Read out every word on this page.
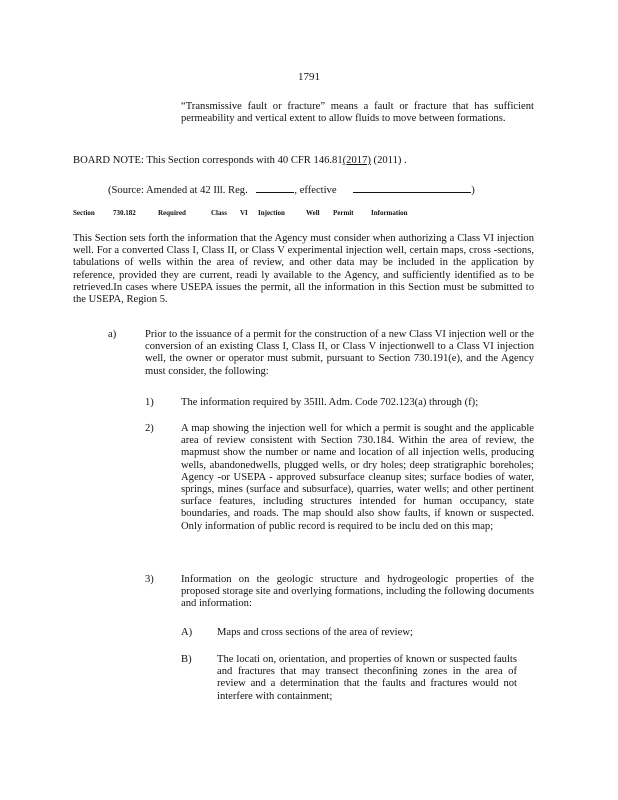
1791

“Transmissive fault or fracture” means a fault or fracture that has sufficient permeability and vertical extent to allow fluids to move between formations.

BOARD NOTE: This Section corresponds with 40 CFR 146.81(2017) (2011) .
(Source: Amended at 42 Ill. Reg.	, effective	)
Section	730.182	Required	Class VI Injection	Well Permit Information

This Section sets forth the information that the Agency must consider when authorizing a Class VI injection well. For a converted Class I, Class II, or Class V experimental injection well, certain maps, cross -sections, tabulations of wells within the area of review, and other data may be included in the application by reference, provided they are current, readi ly available to the Agency, and sufficiently identified as to be retrieved.In cases where USEPA issues the permit, all the information in this Section must be submitted to the USEPA, Region 5.

a)	Prior to the issuance of a permit for the construction of a new Class VI injection well or the conversion of an existing Class I, Class II, or Class V injectionwell to a Class VI injection well, the owner or operator must submit, pursuant to Section 730.191(e), and the Agency must consider, the following:

1)	The information required by 35Ill. Adm. Code 702.123(a) through (f);

2)	A map showing the injection well for which a permit is sought and the applicable area of review consistent with Section 730.184. Within the area of review, the mapmust show the number or name and location of all injection wells, producing wells, abandonedwells, plugged wells, or dry holes; deep stratigraphic boreholes; Agency -or USEPA - approved subsurface cleanup sites; surface bodies of water, springs, mines (surface and subsurface), quarries, water wells; and other pertinent surface features, including structures intended for human occupancy, state boundaries, and roads. The map should also show faults, if known or suspected. Only information of public record is required to be inclu ded on this map;

3)	Information on the geologic structure and hydrogeologic properties of the proposed storage site and overlying formations, including the following documents and information:

A) Maps and cross sections of the area of review;

B) The locati on, orientation, and properties of known or suspected faults and fractures that may transect theconfining zones in the area of review and a determination that the faults and fractures would not interfere with containment;
